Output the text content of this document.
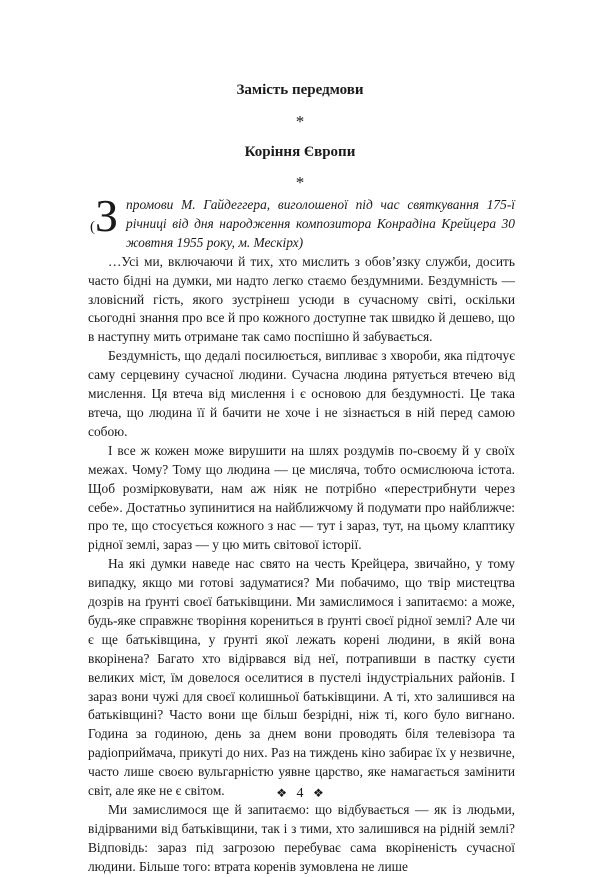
Замість передмови
*
Коріння Європи
*

(З промови М. Гайдеггера, виголошеної під час святкування 175-ї річниці від дня народження композитора Конрадіна Крейцера 30 жовтня 1955 року, м. Мескірх)

…Усі ми, включаючи й тих, хто мислить з обов’язку служби, досить часто бідні на думки, ми надто легко стаємо бездумними. Бездумність — зловісний гість, якого зустрінеш усюди в сучасному світі, оскільки сьогодні знання про все й про кожного доступне так швидко й дешево, що в наступну мить отримане так само поспішно й забувається.

Бездумність, що дедалі посилюється, випливає з хвороби, яка підточує саму серцевину сучасної людини. Сучасна людина рятується втечею від мислення. Ця втеча від мислення і є основою для бездумності. Це така втеча, що людина її й бачити не хоче і не зізнається в ній перед самою собою.

І все ж кожен може вирушити на шлях роздумів по-своєму й у своїх межах. Чому? Тому що людина — це мисляча, тобто осмислююча істота. Щоб розмірковувати, нам аж ніяк не потрібно «перестрибнути через себе». Достатньо зупинитися на найближчому й подумати про найближче: про те, що стосується кожного з нас — тут і зараз, тут, на цьому клаптику рідної землі, зараз — у цю мить світової історії.

На які думки наведе нас свято на честь Крейцера, звичайно, у тому випадку, якщо ми готові задуматися? Ми побачимо, що твір мистецтва дозрів на ґрунті своєї батьківщини. Ми замислимося і запитаємо: а може, будь-яке справжнє творіння корениться в ґрунті своєї рідної землі? Але чи є ще батьківщина, у ґрунті якої лежать корені людини, в якій вона вкорінена? Багато хто відірвався від неї, потрапивши в пастку суєти великих міст, їм довелося оселитися в пустелі індустріальних районів. І зараз вони чужі для своєї колишньої батьківщини. А ті, хто залишився на батьківщині? Часто вони ще більш безрідні, ніж ті, кого було вигнано. Година за годиною, день за днем вони проводять біля телевізора та радіоприймача, прикуті до них. Раз на тиждень кіно забирає їх у незвичне, часто лише своєю вульгарністю уявне царство, яке намагається замінити світ, але яке не є світом.

Ми замислимося ще й запитаємо: що відбувається — як із людьми, відірваними від батьківщини, так і з тими, хто залишився на рідній землі? Відповідь: зараз під загрозою перебуває сама вкоріненість сучасної людини. Більше того: втрата коренів зумовлена не лише

❖ 4 ❖
